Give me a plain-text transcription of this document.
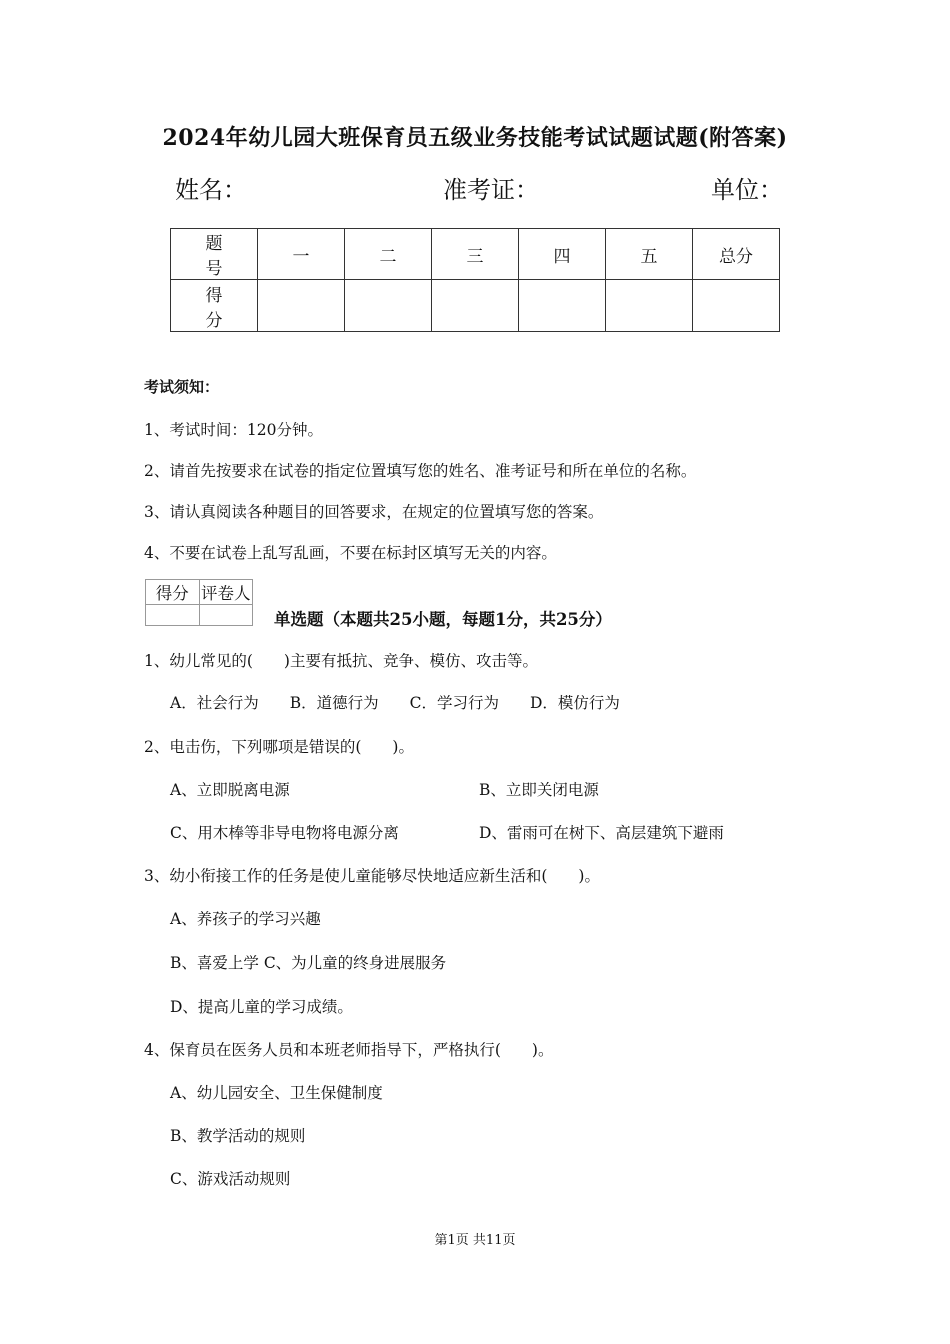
2024年幼儿园大班保育员五级业务技能考试试题试题(附答案)
姓名：	准考证：	单位：
题 号	一	二	三	四	五	总分
得 分						
考试须知：
1、考试时间：120分钟。
2、请首先按要求在试卷的指定位置填写您的姓名、准考证号和所在单位的名称。
3、请认真阅读各种题目的回答要求，在规定的位置填写您的答案。
4、不要在试卷上乱写乱画，不要在标封区填写无关的内容。
得分	评卷人

单选题（本题共25小题，每题1分，共25分）
1、幼儿常见的(　　)主要有抵抗、竞争、模仿、攻击等。
A．社会行为　　B．道德行为　　C．学习行为　　D．模仿行为
2、电击伤，下列哪项是错误的(　　)。
A、立即脱离电源	B、立即关闭电源
C、用木棒等非导电物将电源分离	D、雷雨可在树下、高层建筑下避雨
3、幼小衔接工作的任务是使儿童能够尽快地适应新生活和(　　)。
A、养孩子的学习兴趣
B、喜爱上学 C、为儿童的终身进展服务
D、提高儿童的学习成绩。
4、保育员在医务人员和本班老师指导下，严格执行(　　)。
A、幼儿园安全、卫生保健制度
B、教学活动的规则
C、游戏活动规则
第1页 共11页
